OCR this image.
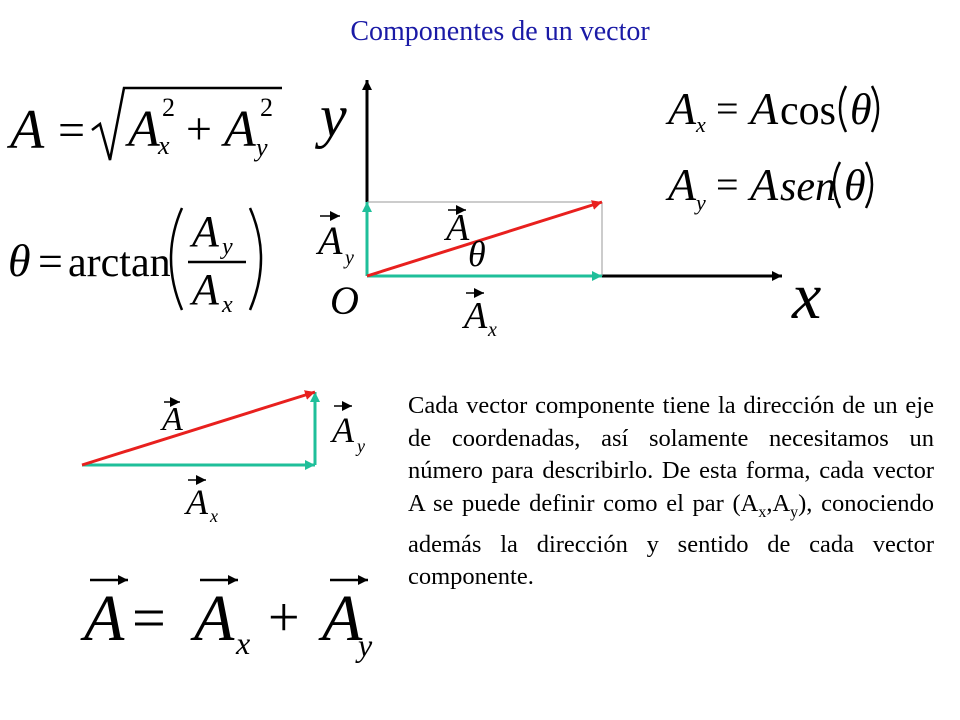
Componentes de un vector
A = A
x
2 + A y
2
θ = arctan
A y
A x
A x = A cos θ
A y = A sen θ
y
x
O
A
θ
A y
A x
A	A y
A x
A = A x + A
y
Cada vector componente tiene la dirección de un eje de coordenadas, así solamente necesitamos un número para describirlo. De esta forma, cada vector A se puede definir como el par $(A_x,A_y)$, conociendo además la dirección y sentido de cada vector componente.
